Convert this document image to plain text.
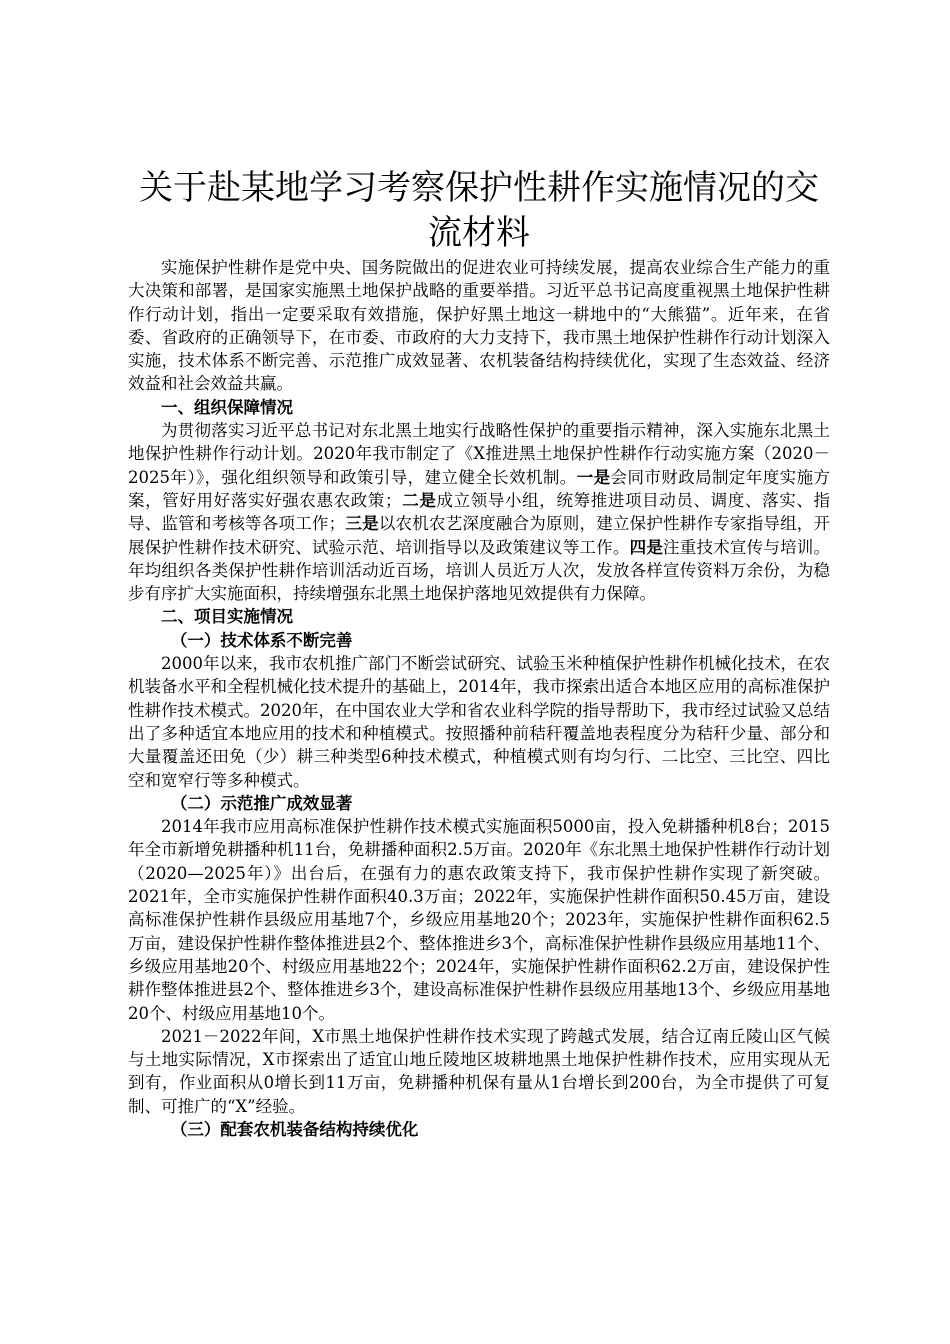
关于赴某地学习考察保护性耕作实施情况的交流材料

实施保护性耕作是党中央、国务院做出的促进农业可持续发展，提高农业综合生产能力的重大决策和部署，是国家实施黑土地保护战略的重要举措。习近平总书记高度重视黑土地保护性耕作行动计划，指出一定要采取有效措施，保护好黑土地这一耕地中的“大熊猫”。近年来，在省委、省政府的正确领导下，在市委、市政府的大力支持下，我市黑土地保护性耕作行动计划深入实施，技术体系不断完善、示范推广成效显著、农机装备结构持续优化，实现了生态效益、经济效益和社会效益共赢。

一、组织保障情况

为贯彻落实习近平总书记对东北黑土地实行战略性保护的重要指示精神，深入实施东北黑土地保护性耕作行动计划。2020年我市制定了《X推进黑土地保护性耕作行动实施方案（2020－2025年）》，强化组织领导和政策引导，建立健全长效机制。一是会同市财政局制定年度实施方案，管好用好落实好强农惠农政策；二是成立领导小组，统筹推进项目动员、调度、落实、指导、监管和考核等各项工作；三是以农机农艺深度融合为原则，建立保护性耕作专家指导组，开展保护性耕作技术研究、试验示范、培训指导以及政策建议等工作。四是注重技术宣传与培训。年均组织各类保护性耕作培训活动近百场，培训人员近万人次，发放各样宣传资料万余份，为稳步有序扩大实施面积，持续增强东北黑土地保护落地见效提供有力保障。

二、项目实施情况

（一）技术体系不断完善

2000年以来，我市农机推广部门不断尝试研究、试验玉米种植保护性耕作机械化技术，在农机装备水平和全程机械化技术提升的基础上，2014年，我市探索出适合本地区应用的高标准保护性耕作技术模式。2020年，在中国农业大学和省农业科学院的指导帮助下，我市经过试验又总结出了多种适宜本地应用的技术和种植模式。按照播种前秸秆覆盖地表程度分为秸秆少量、部分和大量覆盖还田免（少）耕三种类型6种技术模式，种植模式则有均匀行、二比空、三比空、四比空和宽窄行等多种模式。

（二）示范推广成效显著

2014年我市应用高标准保护性耕作技术模式实施面积5000亩，投入免耕播种机8台；2015年全市新增免耕播种机11台，免耕播种面积2.5万亩。2020年《东北黑土地保护性耕作行动计划（2020—2025年）》出台后，在强有力的惠农政策支持下，我市保护性耕作实现了新突破。2021年，全市实施保护性耕作面积40.3万亩；2022年，实施保护性耕作面积50.45万亩，建设高标准保护性耕作县级应用基地7个，乡级应用基地20个；2023年，实施保护性耕作面积62.5万亩，建设保护性耕作整体推进县2个、整体推进乡3个，高标准保护性耕作县级应用基地11个、乡级应用基地20个、村级应用基地22个；2024年，实施保护性耕作面积62.2万亩，建设保护性耕作整体推进县2个、整体推进乡3个，建设高标准保护性耕作县级应用基地13个、乡级应用基地20个、村级应用基地10个。

2021－2022年间，X市黑土地保护性耕作技术实现了跨越式发展，结合辽南丘陵山区气候与土地实际情况，X市探索出了适宜山地丘陵地区坡耕地黑土地保护性耕作技术，应用实现从无到有，作业面积从0增长到11万亩，免耕播种机保有量从1台增长到200台，为全市提供了可复制、可推广的“X”经验。

（三）配套农机装备结构持续优化
